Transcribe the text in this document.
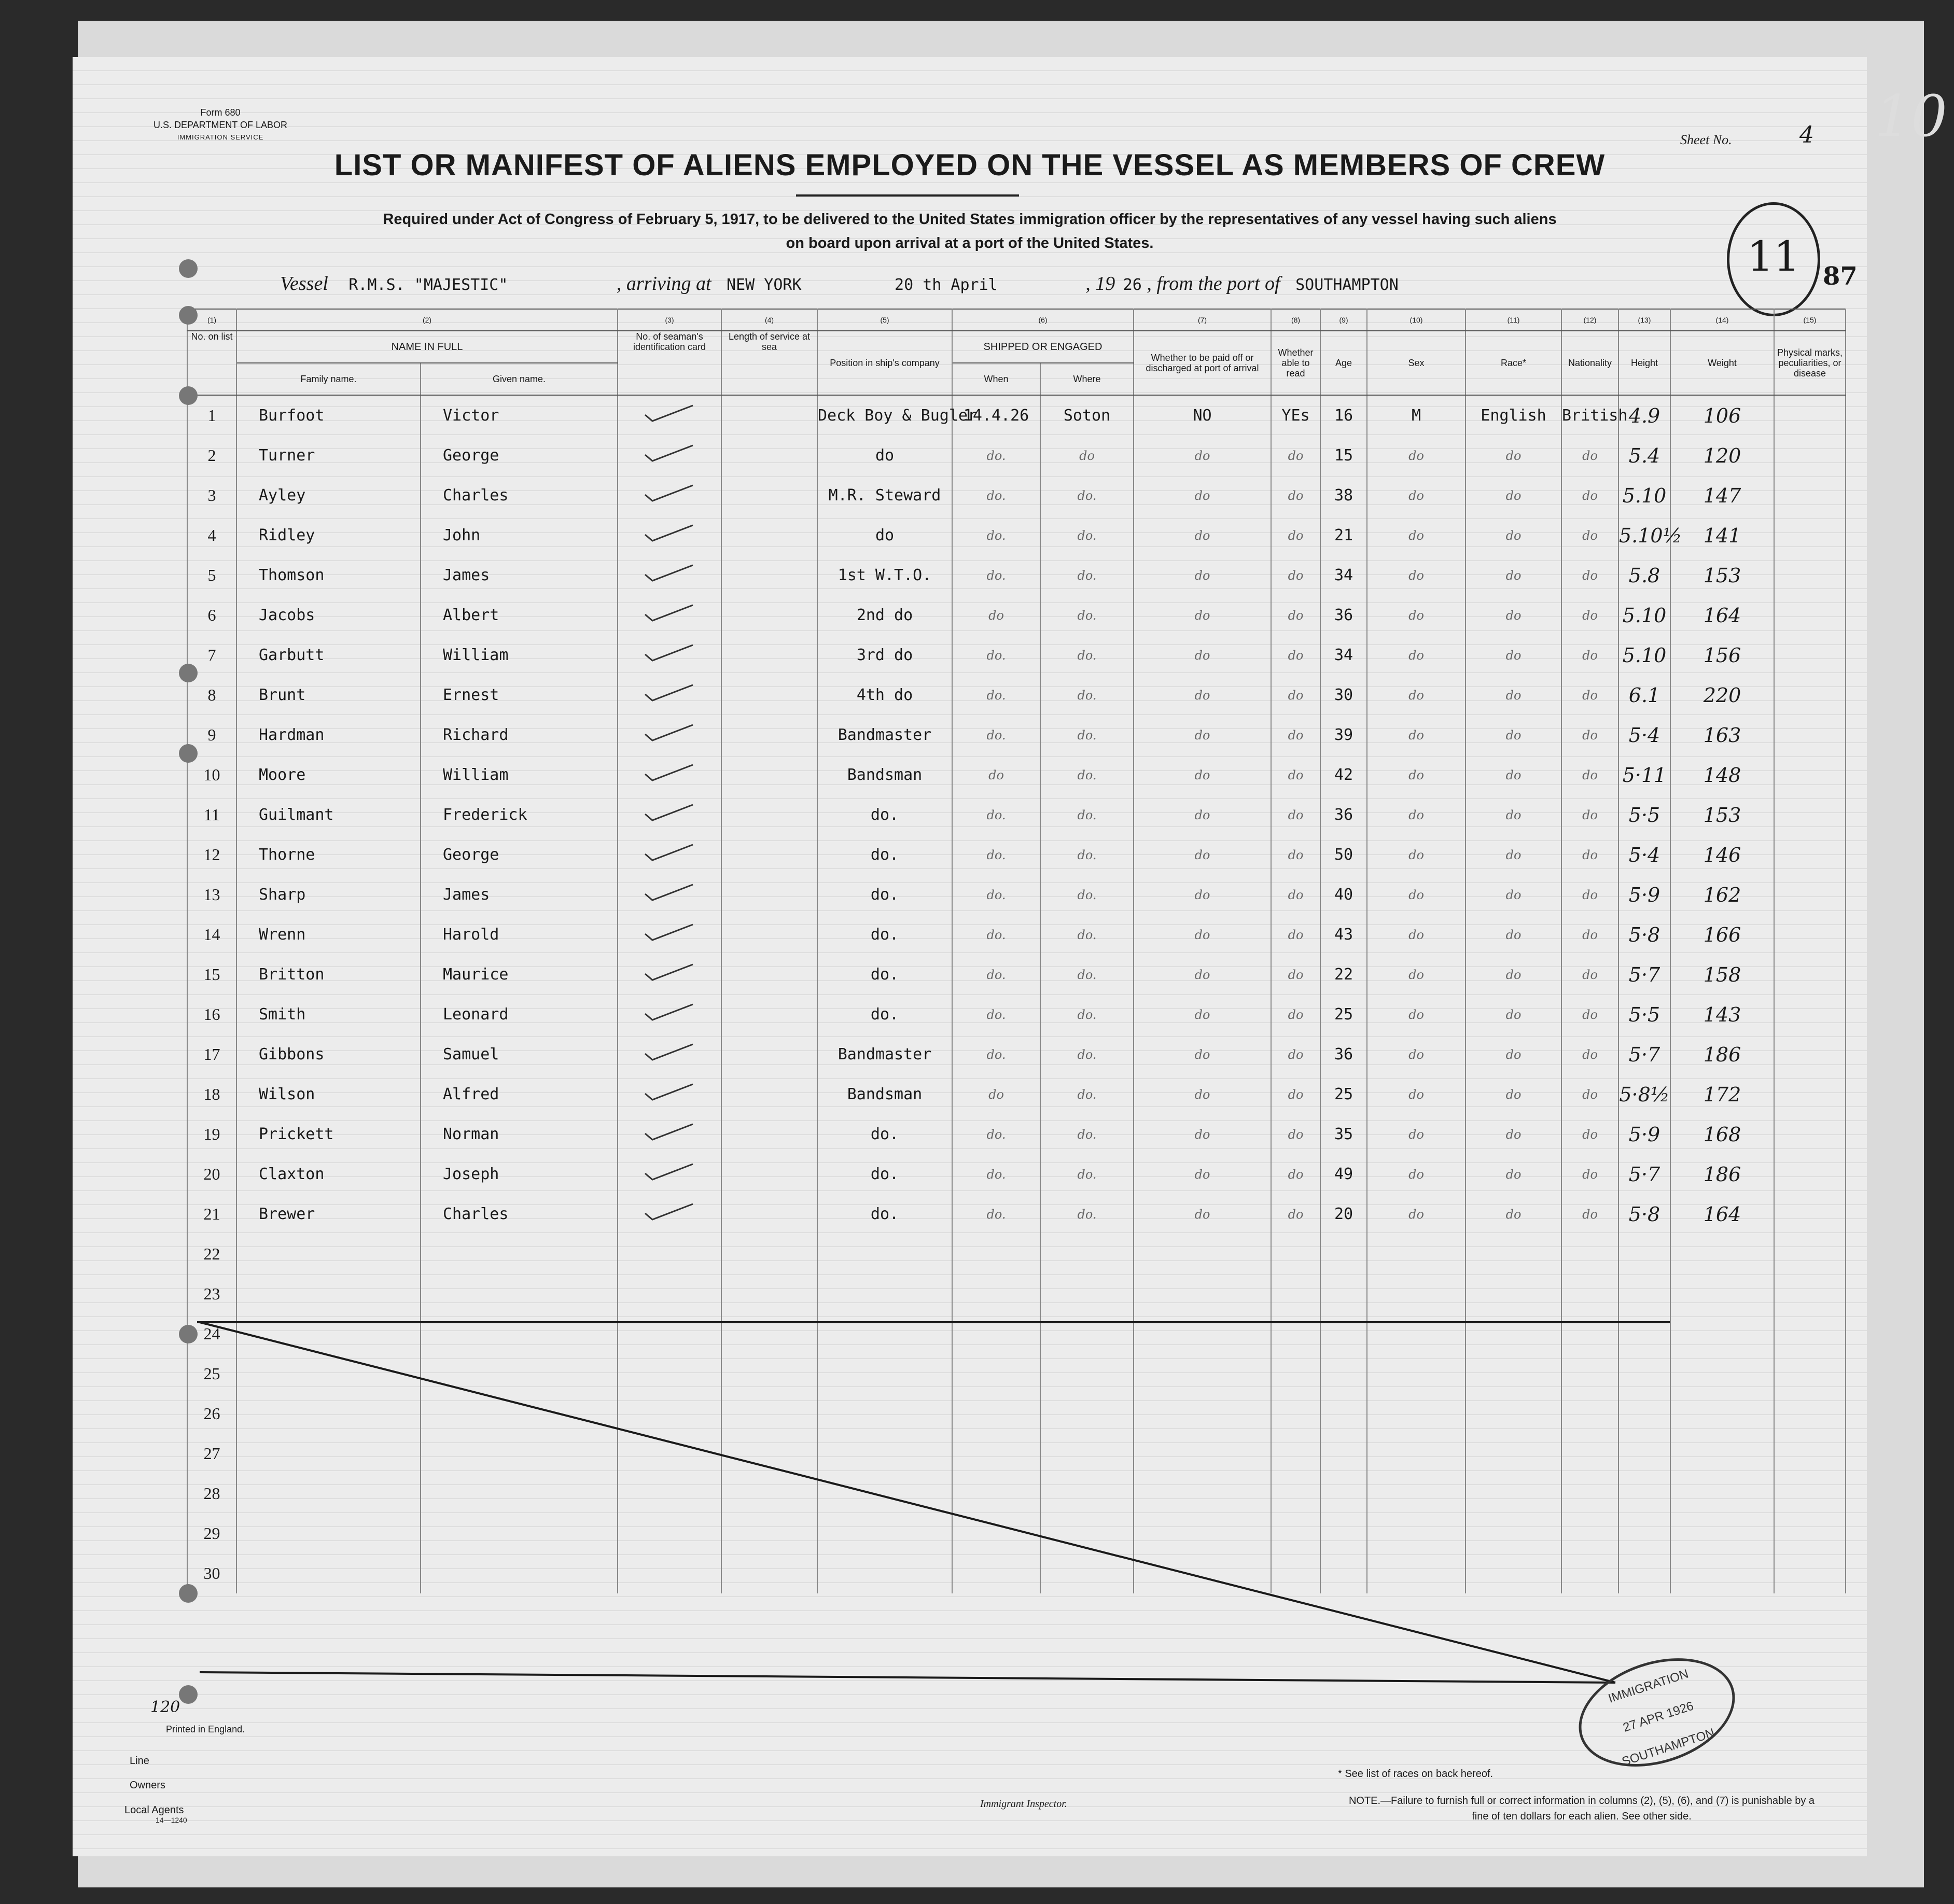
10
Form 680
U.S. DEPARTMENT OF LABOR
IMMIGRATION SERVICE	Sheet No.	4
LIST OR MANIFEST OF ALIENS EMPLOYED ON THE VESSEL AS MEMBERS OF CREW
Required under Act of Congress of February 5, 1917, to be delivered to the United States immigration officer by the representatives of any vessel having such aliens
on board upon arrival at a port of the United States.	11 87
Vessel R.M.S. "MAJESTIC"	, arriving at NEW YORK	20 th April	, 19 26 , from the port of SOUTHAMPTON
(1)	(2)		(3)	(4)	(5)	(6)		(7)	(8)	(9)	(10)	(11)	(12)	(13)	(14)	(15)
No. on list	NAME IN FULL		No. of seaman's identification card	Length of service at sea	Position in ship's company	SHIPPED OR ENGAGED		Whether to be paid off or discharged at port of arrival	Whether able to read	Age	Sex	Race*	Nationality	Height	Weight	Physical marks, peculiarities, or disease
	Family name.	Given name.				When	Where									
1	Burfoot	Victor			Deck Boy & Bugler	14.4.26	Soton	NO	YEs	16	M	English	British	4.9	106	
2	Turner	George			do	do.	do	do	do	15	do	do	do	5.4	120	
3	Ayley	Charles			M.R. Steward	do.	do.	do	do	38	do	do	do	5.10	147	
4	Ridley	John			do	do.	do.	do	do	21	do	do	do	5.10½	141	
5	Thomson	James			1st W.T.O.	do.	do.	do	do	34	do	do	do	5.8	153	
6	Jacobs	Albert			2nd do	do	do.	do	do	36	do	do	do	5.10	164	
7	Garbutt	William			3rd do	do.	do.	do	do	34	do	do	do	5.10	156	
8	Brunt	Ernest			4th do	do.	do.	do	do	30	do	do	do	6.1	220	
9	Hardman	Richard			Bandmaster	do.	do.	do	do	39	do	do	do	5·4	163	
10	Moore	William			Bandsman	do	do.	do	do	42	do	do	do	5·11	148	
11	Guilmant	Frederick			do.	do.	do.	do	do	36	do	do	do	5·5	153	
12	Thorne	George			do.	do.	do.	do	do	50	do	do	do	5·4	146	
13	Sharp	James			do.	do.	do.	do	do	40	do	do	do	5·9	162	
14	Wrenn	Harold			do.	do.	do.	do	do	43	do	do	do	5·8	166	
15	Britton	Maurice			do.	do.	do.	do	do	22	do	do	do	5·7	158	
16	Smith	Leonard			do.	do.	do.	do	do	25	do	do	do	5·5	143	
17	Gibbons	Samuel			Bandmaster	do.	do.	do	do	36	do	do	do	5·7	186	
18	Wilson	Alfred			Bandsman	do	do.	do	do	25	do	do	do	5·8½	172	
19	Prickett	Norman			do.	do.	do.	do	do	35	do	do	do	5·9	168	
20	Claxton	Joseph			do.	do.	do.	do	do	49	do	do	do	5·7	186	
21	Brewer	Charles			do.	do.	do.	do	do	20	do	do	do	5·8	164	
22																
23																
24																
25																
26																
27																
28																
29																
30																
Printed in England.
Line
Owners
Local Agents
14—1240
Immigrant Inspector.
* See list of races on back hereof.
NOTE.—Failure to furnish full or correct information in columns (2), (5), (6), and (7) is punishable by a fine of ten dollars for each alien. See other side.
IMMIGRATION
27 APR 1926
SOUTHAMPTON
120
